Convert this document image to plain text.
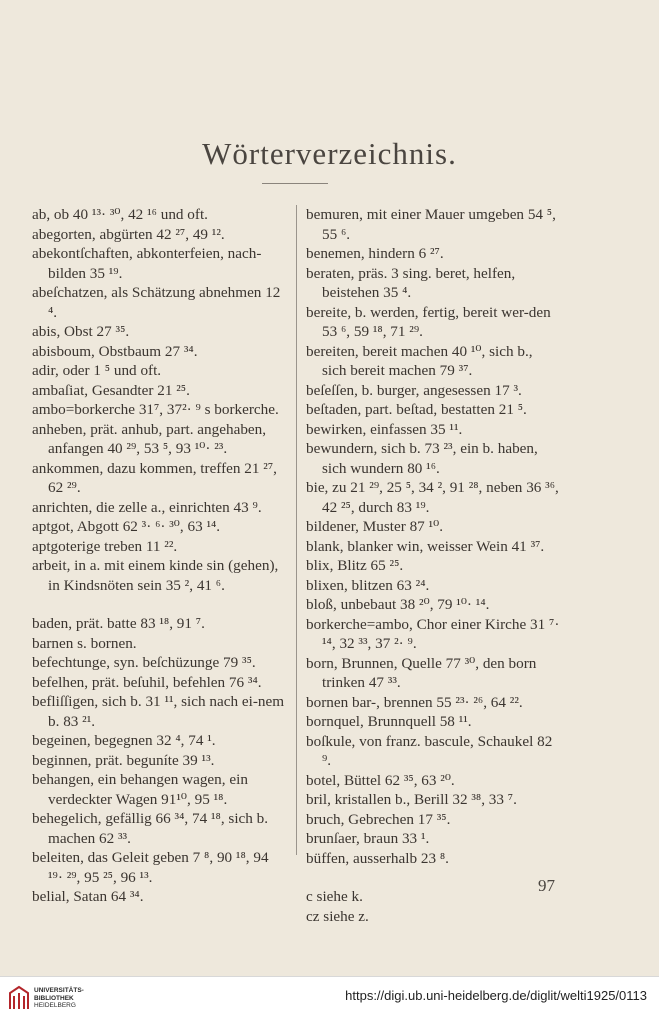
Wörterverzeichnis.

ab, ob 40 ¹³· ³⁰, 42 ¹⁶ und oft.

abegorten, abgürten 42 ²⁷, 49 ¹².

abekontſchaften, abkonterfeien, nach-bilden 35 ¹⁹.

abeſchatzen, als Schätzung abnehmen 12 ⁴.

abis, Obst 27 ³⁵.

abisboum, Obstbaum 27 ³⁴.

adir, oder 1 ⁵ und oft.

ambaſiat, Gesandter 21 ²⁵.

ambo=borkerche 31⁷, 37²· ⁹ s borkerche.

anheben, prät. anhub, part. angehaben, anfangen 40 ²⁹, 53 ⁵, 93 ¹⁰· ²³.

ankommen, dazu kommen, treffen 21 ²⁷, 62 ²⁹.

anrichten, die zelle a., einrichten 43 ⁹.

aptgot, Abgott 62 ³· ⁶· ³⁰, 63 ¹⁴.

aptgoterige treben 11 ²².

arbeit, in a. mit einem kinde sin (gehen), in Kindsnöten sein 35 ², 41 ⁶.

baden, prät. batte 83 ¹⁸, 91 ⁷.

barnen s. bornen.

befechtunge, syn. beſchüzunge 79 ³⁵.

befelhen, prät. beſuhil, befehlen 76 ³⁴.

befliſſigen, sich b. 31 ¹¹, sich nach ei-nem b. 83 ²¹.

begeinen, begegnen 32 ⁴, 74 ¹.

beginnen, prät. beguníte 39 ¹³.

behangen, ein behangen wagen, ein verdeckter Wagen 91¹⁰, 95 ¹⁸.

behegelich, gefällig 66 ³⁴, 74 ¹⁸, sich b. machen 62 ³³.

beleiten, das Geleit geben 7 ⁸, 90 ¹⁸, 94 ¹⁹· ²⁹, 95 ²⁵, 96 ¹³.

belial, Satan 64 ³⁴.

bemuren, mit einer Mauer umgeben 54 ⁵, 55 ⁶.

benemen, hindern 6 ²⁷.

beraten, präs. 3 sing. beret, helfen, beistehen 35 ⁴.

bereite, b. werden, fertig, bereit wer-den 53 ⁶, 59 ¹⁸, 71 ²⁹.

bereiten, bereit machen 40 ¹⁰, sich b., sich bereit machen 79 ³⁷.

beſeſſen, b. burger, angesessen 17 ³.

beſtaden, part. beſtad, bestatten 21 ⁵.

bewirken, einfassen 35 ¹¹.

bewundern, sich b. 73 ²³, ein b. haben, sich wundern 80 ¹⁶.

bie, zu 21 ²⁹, 25 ⁵, 34 ², 91 ²⁸, neben 36 ³⁶, 42 ²⁵, durch 83 ¹⁹.

bildener, Muster 87 ¹⁰.

blank, blanker win, weisser Wein 41 ³⁷.

blix, Blitz 65 ²⁵.

blixen, blitzen 63 ²⁴.

bloß, unbebaut 38 ²⁰, 79 ¹⁰· ¹⁴.

borkerche=ambo, Chor einer Kirche 31 ⁷· ¹⁴, 32 ³³, 37 ²· ⁹.

born, Brunnen, Quelle 77 ³⁰, den born trinken 47 ³³.

bornen bar-, brennen 55 ²³· ²⁶, 64 ²².

bornquel, Brunnquell 58 ¹¹.

boſkule, von franz. bascule, Schaukel 82 ⁹.

botel, Büttel 62 ³⁵, 63 ²⁰.

bril, kristallen b., Berill 32 ³⁸, 33 ⁷.

bruch, Gebrechen 17 ³⁵.

brunſaer, braun 33 ¹.

büffen, ausserhalb 23 ⁸.

c siehe k.

cz siehe z.

97
UNIVERSITÄTS-
BIBLIOTHEK
HEIDELBERG
https://digi.ub.uni-heidelberg.de/diglit/welti1925/0113
